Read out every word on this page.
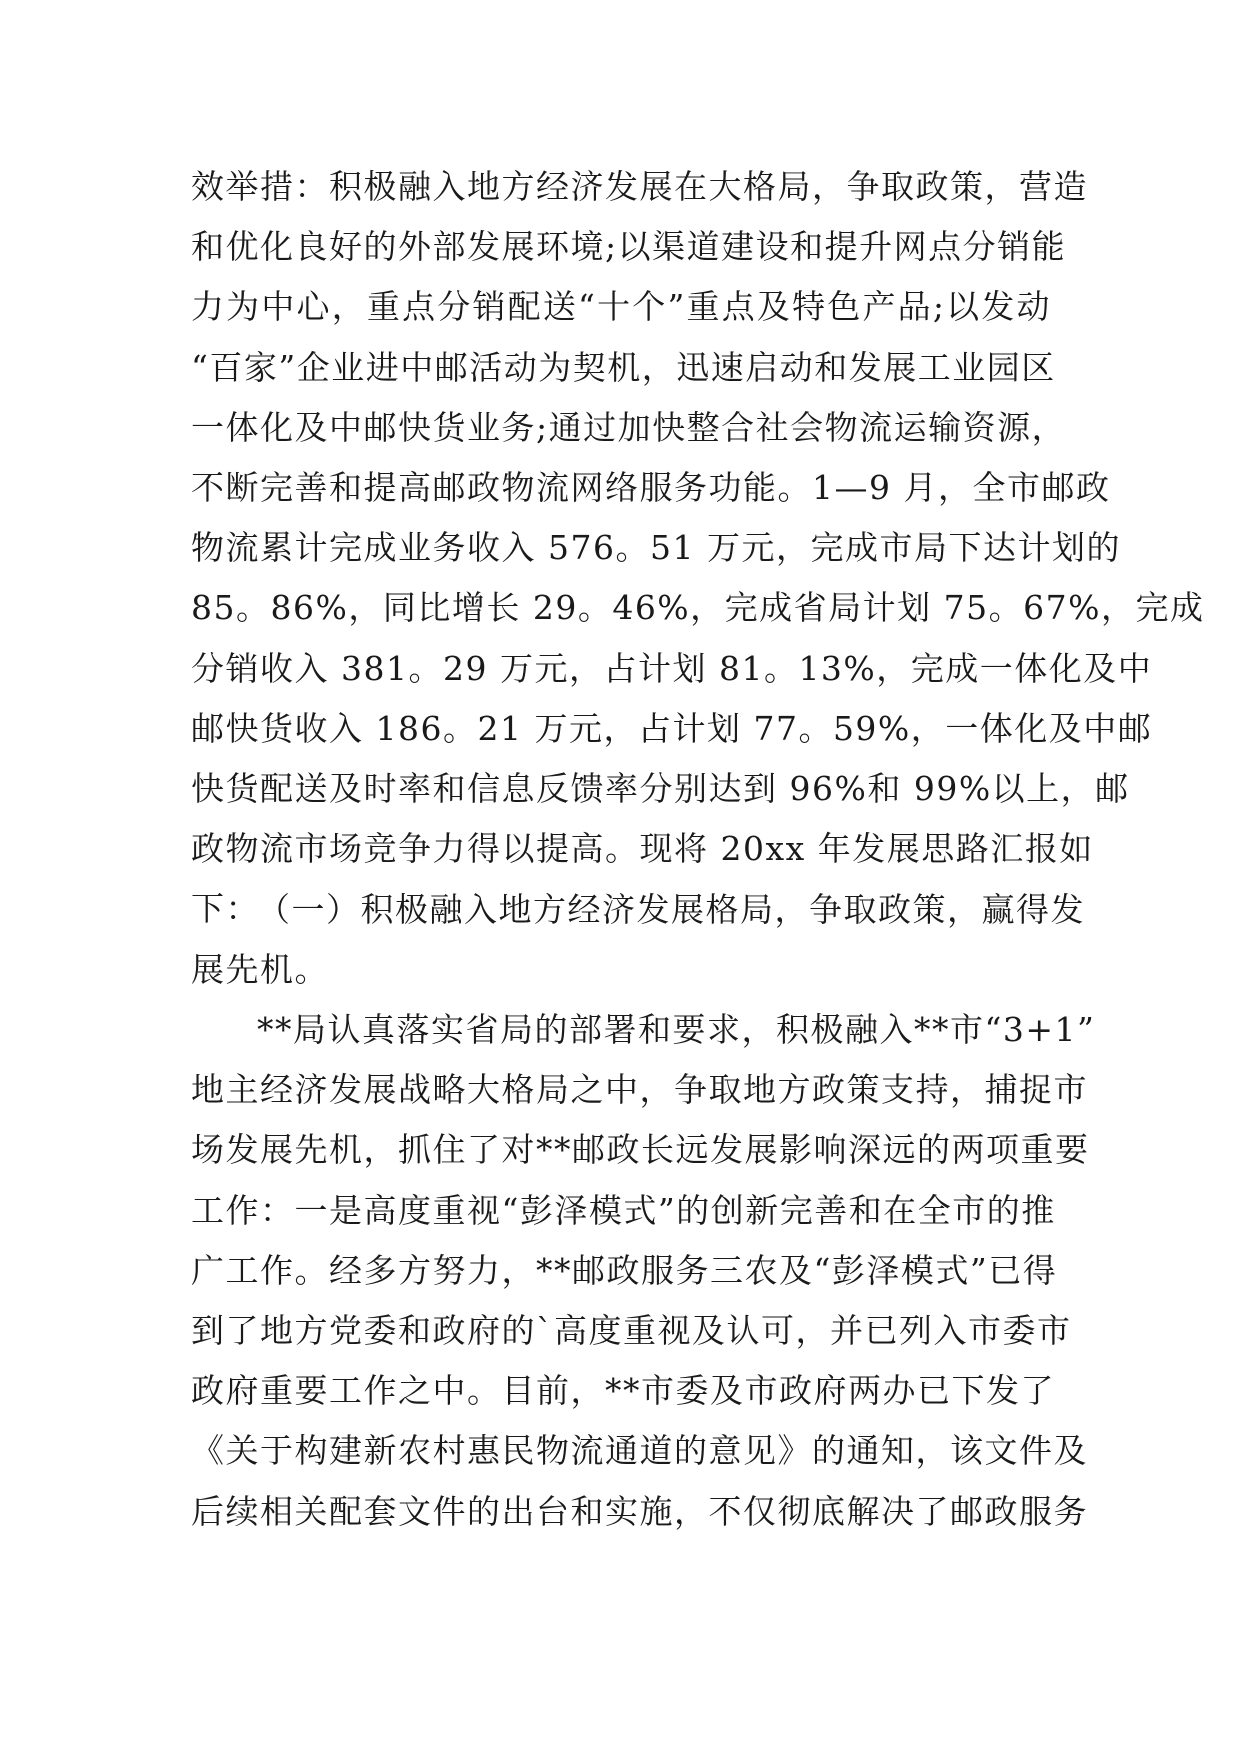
效举措：积极融入地方经济发展在大格局，争取政策，营造
和优化良好的外部发展环境;以渠道建设和提升网点分销能
力为中心，重点分销配送“十个”重点及特色产品;以发动
“百家”企业进中邮活动为契机，迅速启动和发展工业园区
一体化及中邮快货业务;通过加快整合社会物流运输资源，
不断完善和提高邮政物流网络服务功能。1—9 月，全市邮政
物流累计完成业务收入 576。51 万元，完成市局下达计划的
85。86%，同比增长 29。46%，完成省局计划 75。67%，完成
分销收入 381。29 万元，占计划 81。13%，完成一体化及中
邮快货收入 186。21 万元，占计划 77。59%，一体化及中邮
快货配送及时率和信息反馈率分别达到 96%和 99%以上，邮
政物流市场竞争力得以提高。现将 20xx 年发展思路汇报如
下：
（一）积极融入地方经济发展格局，争取政策，赢得发
展先机。
**局认真落实省局的部署和要求，积极融入**市“3+1”
地主经济发展战略大格局之中，争取地方政策支持，捕捉市
场发展先机，抓住了对**邮政长远发展影响深远的两项重要
工作：一是高度重视“彭泽模式”的创新完善和在全市的推
广工作。经多方努力，**邮政服务三农及“彭泽模式”已得
到了地方党委和政府的`高度重视及认可，并已列入市委市
政府重要工作之中。目前，**市委及市政府两办已下发了
《关于构建新农村惠民物流通道的意见》的通知，该文件及
后续相关配套文件的出台和实施，不仅彻底解决了邮政服务
